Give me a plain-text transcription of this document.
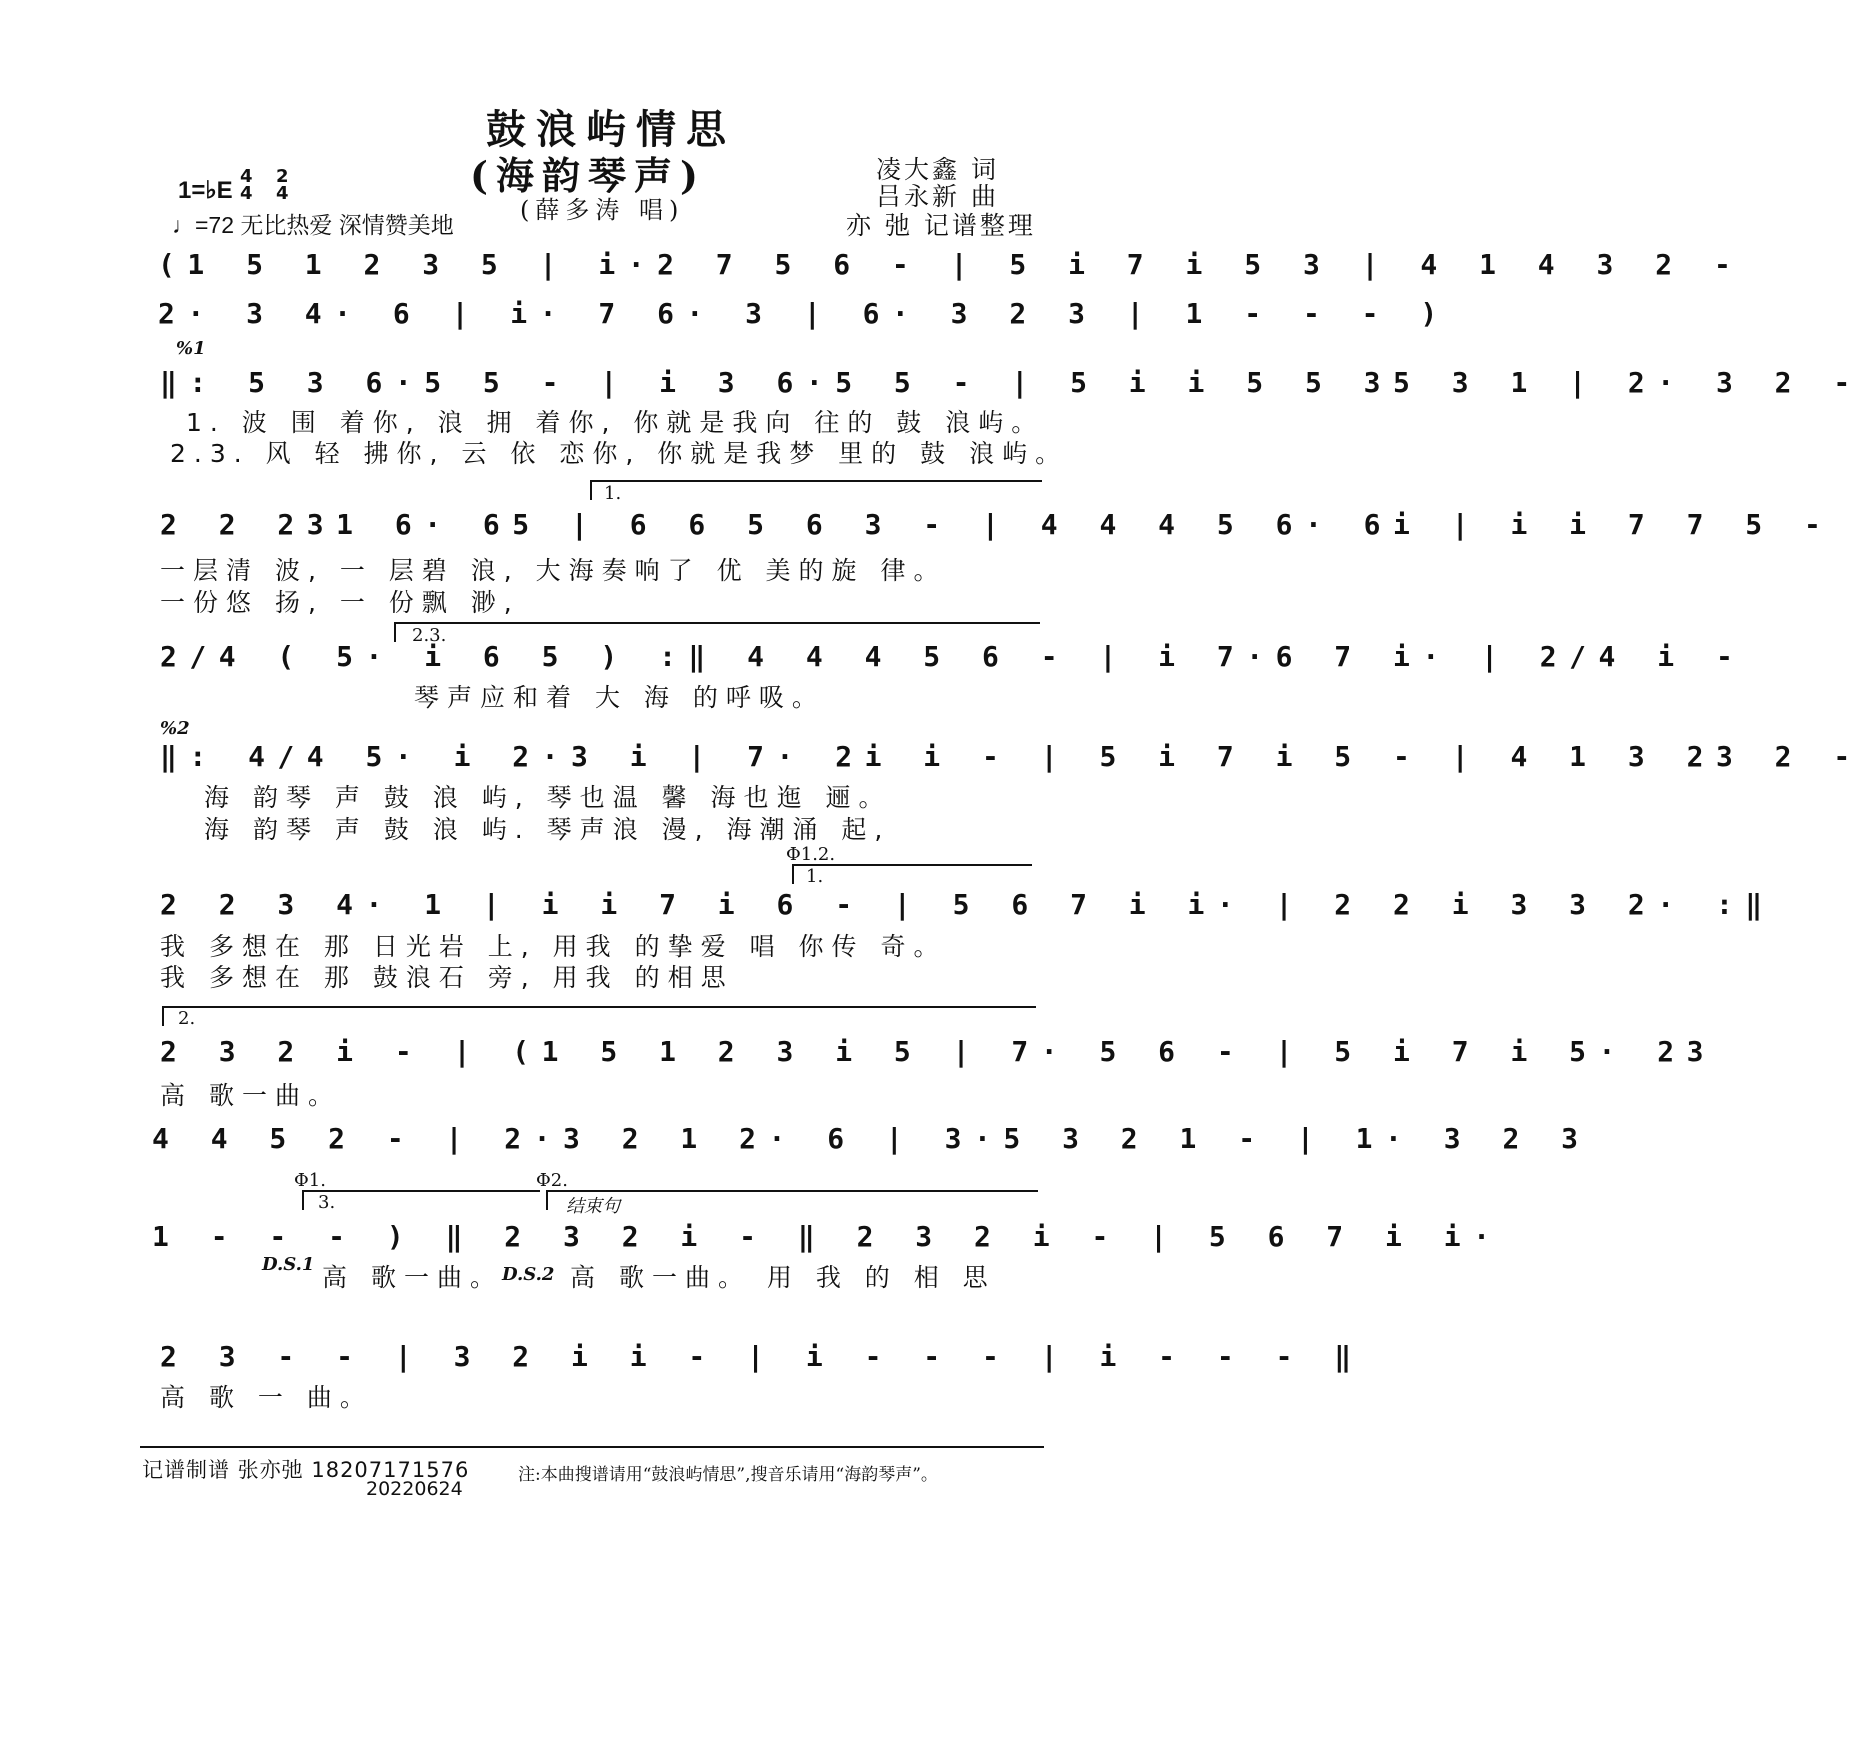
鼓浪屿情思
(海韵琴声)
(薛多涛 唱)
1=♭E
4
4
2
4
♩=72 无比热爱 深情赞美地
凌大鑫 词
吕永新 曲
亦 弛 记谱整理
(1 5 1 2 3 5 | i·2 7 5 6 - | 5 i 7 i 5 3 | 4 1 4 3 2 -
2· 3 4· 6 | i· 7 6· 3 | 6· 3 2 3 | 1 - - - )
%1
‖: 5 3 6·5 5 - | i 3 6·5 5 - | 5 i i 5 5 35 3 1 | 2· 3 2 -
1. 波 围 着你, 浪 拥 着你, 你就是我向 往的 鼓 浪屿。
2.3. 风 轻 拂你, 云 依 恋你, 你就是我梦 里的 鼓 浪屿。
1.
2 2 231 6· 65 | 6 6 5 6 3 - | 4 4 4 5 6· 6i | i i 7 7 5 -
一层清 波, 一 层碧 浪, 大海奏响了 优 美的旋 律。
一份悠 扬, 一 份飘 渺,
2.3.
2/4 ( 5· i 6 5 ) :‖ 4 4 4 5 6 - | i 7·6 7 i· | 2/4 i -
琴声应和着 大 海 的呼吸。
%2
‖: 4/4 5· i 2·3 i | 7· 2i i - | 5 i 7 i 5 - | 4 1 3 23 2 -
海 韵琴 声 鼓 浪 屿, 琴也温 馨 海也迤 逦。
海 韵琴 声 鼓 浪 屿. 琴声浪 漫, 海潮涌 起,
Φ1.2.
1.
2 2 3 4· 1 | i i 7 i 6 - | 5 6 7 i i· | 2 2 i 3 3 2· :‖
我 多想在 那 日光岩 上, 用我 的挚爱 唱 你传 奇。
我 多想在 那 鼓浪石 旁, 用我 的相思
2.
2 3 2 i - | (1 5 1 2 3 i 5 | 7· 5 6 - | 5 i 7 i 5· 23
高 歌一曲。
4 4 5 2 - | 2·3 2 1 2· 6 | 3·5 3 2 1 - | 1· 3 2 3
Φ1.	Φ2.
3.	结束句
1 - - - ) ‖ 2 3 2 i - ‖ 2 3 2 i - | 5 6 7 i i·
D.S.1	D.S.2
高 歌一曲。	高 歌一曲。 用 我 的 相 思
2 3 - - | 3 2 i i - | i - - - | i - - - ‖
高 歌 一 曲。
记谱制谱 张亦弛 18207171576
20220624
注:本曲搜谱请用“鼓浪屿情思”,搜音乐请用“海韵琴声”。
